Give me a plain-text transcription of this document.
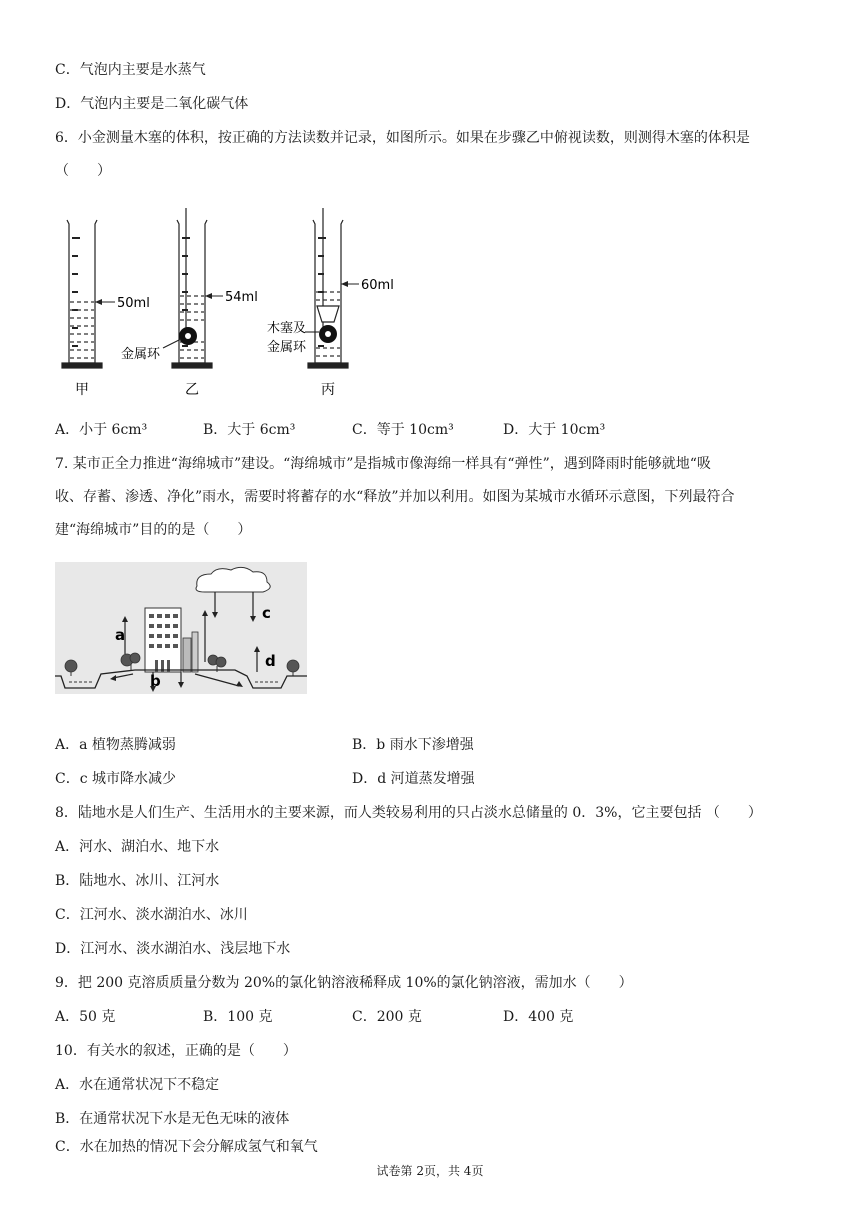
C．气泡内主要是水蒸气
D．气泡内主要是二氧化碳气体
6．小金测量木塞的体积，按正确的方法读数并记录，如图所示。如果在步骤乙中俯视读数，则测得木塞的体积是
（　　）
50ml	54ml
60ml
金属环
木塞及
金属环
甲	乙	丙
A．小于 6cm³	B．大于 6cm³	C．等于 10cm³	D．大于 10cm³
7. 某市正全力推进“海绵城市”建设。“海绵城市”是指城市像海绵一样具有“弹性”，遇到降雨时能够就地“吸
收、存蓄、渗透、净化”雨水，需要时将蓄存的水“释放”并加以利用。如图为某城市水循环示意图，下列最符合
建“海绵城市”目的的是（　　）
a
b
c
d
A．a 植物蒸腾减弱	B．b 雨水下渗增强
C．c 城市降水减少	D．d 河道蒸发增强
8．陆地水是人们生产、生活用水的主要来源，而人类较易利用的只占淡水总储量的 0．3%，它主要包括 （　　）
A．河水、湖泊水、地下水
B．陆地水、冰川、江河水
C．江河水、淡水湖泊水、冰川
D．江河水、淡水湖泊水、浅层地下水
9．把 200 克溶质质量分数为 20%的氯化钠溶液稀释成 10%的氯化钠溶液，需加水（　　）
A．50 克	B．100 克	C．200 克	D．400 克
10．有关水的叙述，正确的是（　　）
A．水在通常状况下不稳定
B．在通常状况下水是无色无味的液体
C．水在加热的情况下会分解成氢气和氧气
试卷第 2页，共 4页
